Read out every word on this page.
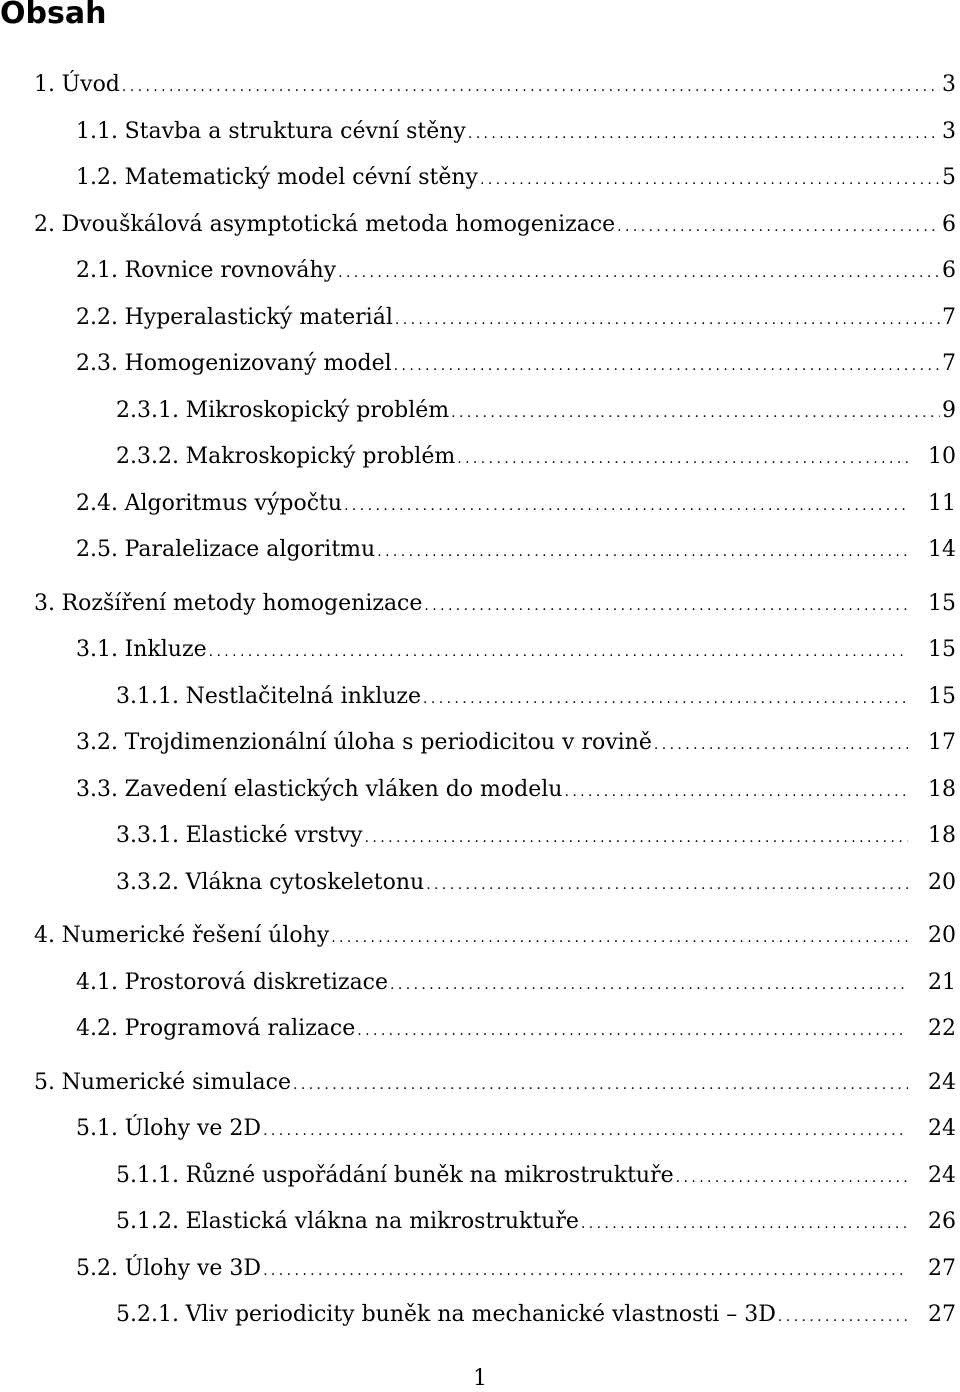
Obsah
1. Úvod .....	3
1.1. Stavba a struktura cévní stěny .....	3
1.2. Matematický model cévní stěny .....	5
2. Dvouškálová asymptotická metoda homogenizace .....	6
2.1. Rovnice rovnováhy .....	6
2.2. Hyperalastický materiál .....	7
2.3. Homogenizovaný model .....	7
2.3.1. Mikroskopický problém .....	9
2.3.2. Makroskopický problém .....	10
2.4. Algoritmus výpočtu .....	11
2.5. Paralelizace algoritmu .....	14
3. Rozšíření metody homogenizace .....	15
3.1. Inkluze .....	15
3.1.1. Nestlačitelná inkluze .....	15
3.2. Trojdimenzionální úloha s periodicitou v rovině .....	17
3.3. Zavedení elastických vláken do modelu .....	18
3.3.1. Elastické vrstvy .....	18
3.3.2. Vlákna cytoskeletonu .....	20
4. Numerické řešení úlohy .....	20
4.1. Prostorová diskretizace .....	21
4.2. Programová ralizace .....	22
5. Numerické simulace .....	24
5.1. Úlohy ve 2D .....	24
5.1.1. Různé uspořádání buněk na mikrostruktuře .....	24
5.1.2. Elastická vlákna na mikrostruktuře .....	26
5.2. Úlohy ve 3D .....	27
5.2.1. Vliv periodicity buněk na mechanické vlastnosti – 3D .....	27
1
